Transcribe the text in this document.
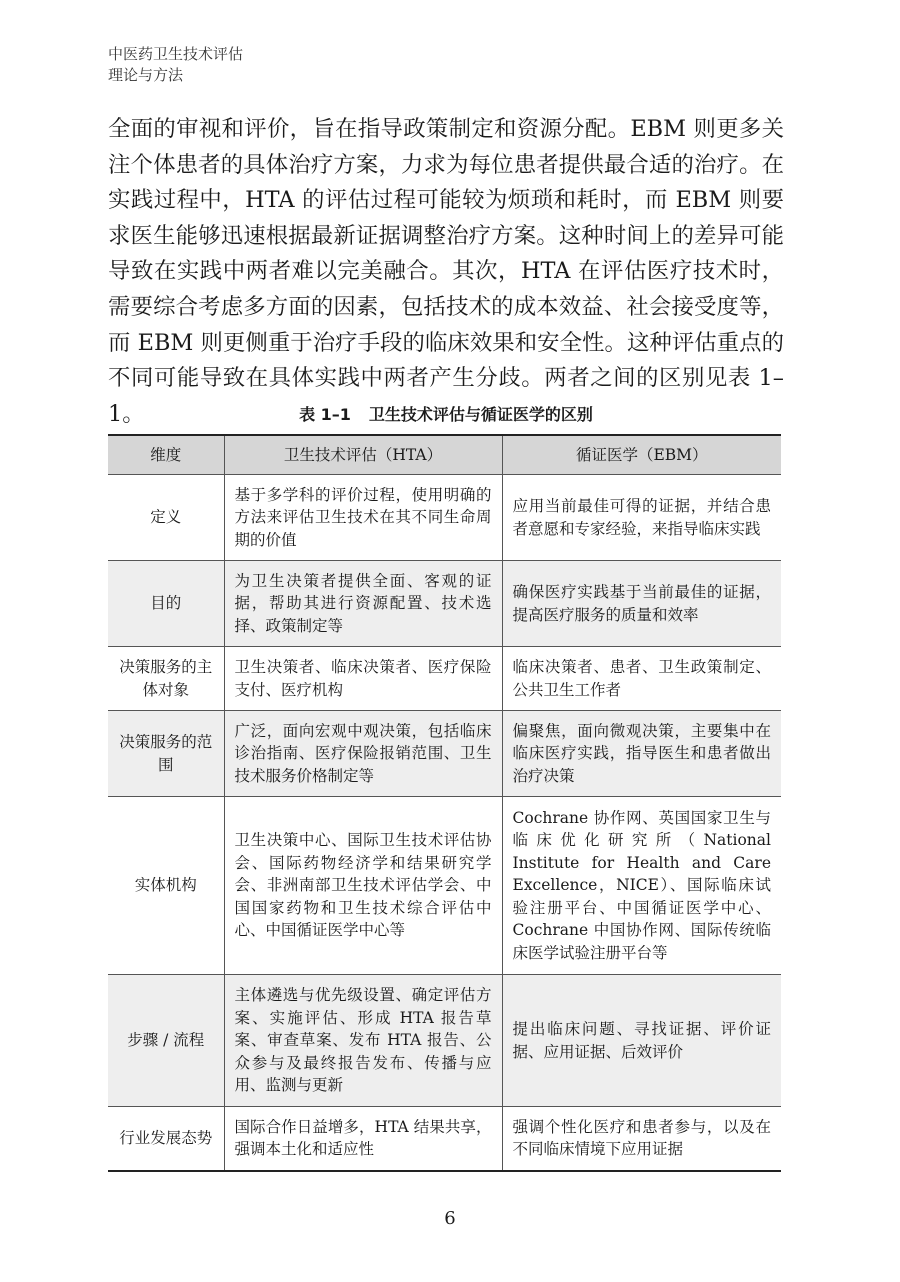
中医药卫生技术评估
理论与方法

全面的审视和评价，旨在指导政策制定和资源分配。EBM 则更多关注个体患者的具体治疗方案，力求为每位患者提供最合适的治疗。在实践过程中，HTA 的评估过程可能较为烦琐和耗时，而 EBM 则要求医生能够迅速根据最新证据调整治疗方案。这种时间上的差异可能导致在实践中两者难以完美融合。其次，HTA 在评估医疗技术时，需要综合考虑多方面的因素，包括技术的成本效益、社会接受度等，而 EBM 则更侧重于治疗手段的临床效果和安全性。这种评估重点的不同可能导致在具体实践中两者产生分歧。两者之间的区别见表 1–1。	表 1–1 卫生技术评估与循证医学的区别
维度	卫生技术评估（HTA）	循证医学（EBM）
定义	基于多学科的评价过程，使用明确的方法来评估卫生技术在其不同生命周期的价值	应用当前最佳可得的证据，并结合患者意愿和专家经验，来指导临床实践
目的	为卫生决策者提供全面、客观的证据，帮助其进行资源配置、技术选择、政策制定等	确保医疗实践基于当前最佳的证据，提高医疗服务的质量和效率
决策服务的主体对象	卫生决策者、临床决策者、医疗保险支付、医疗机构	临床决策者、患者、卫生政策制定、公共卫生工作者
决策服务的范围	广泛，面向宏观中观决策，包括临床诊治指南、医疗保险报销范围、卫生技术服务价格制定等	偏聚焦，面向微观决策，主要集中在临床医疗实践，指导医生和患者做出治疗决策
实体机构	卫生决策中心、国际卫生技术评估协会、国际药物经济学和结果研究学会、非洲南部卫生技术评估学会、中国国家药物和卫生技术综合评估中心、中国循证医学中心等	Cochrane 协作网、英国国家卫生与临床优化研究所（National Institute for Health and Care Excellence，NICE）、国际临床试验注册平台、中国循证医学中心、Cochrane 中国协作网、国际传统临床医学试验注册平台等
步骤 / 流程	主体遴选与优先级设置、确定评估方案、实施评估、形成 HTA 报告草案、审查草案、发布 HTA 报告、公众参与及最终报告发布、传播与应用、监测与更新	提出临床问题、寻找证据、评价证据、应用证据、后效评价
行业发展态势	国际合作日益增多，HTA 结果共享，强调本土化和适应性	强调个性化医疗和患者参与，以及在不同临床情境下应用证据
6
